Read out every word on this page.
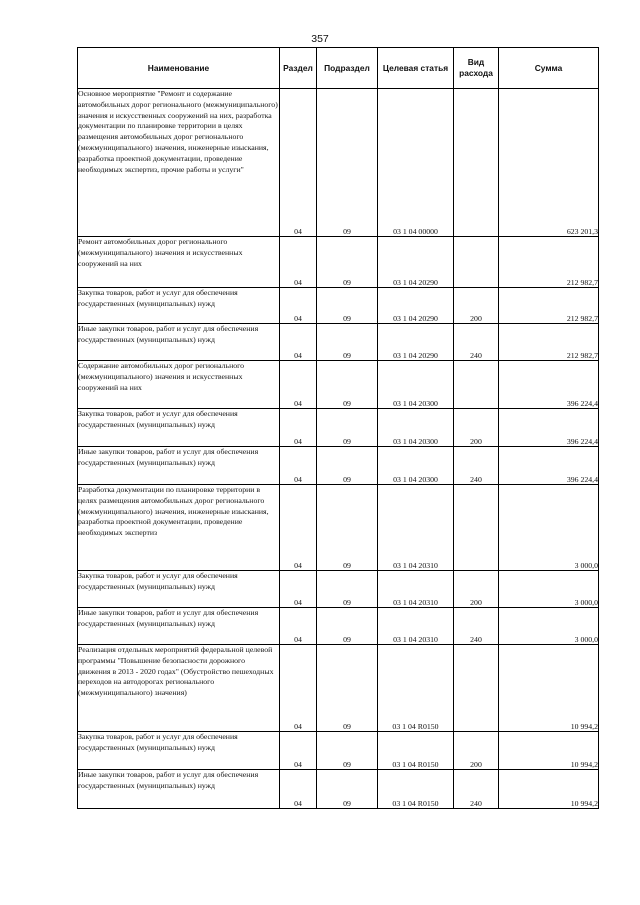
357
Наименование	Раздел	Подраздел	Целевая статья	Вид расхода	Сумма

Основное мероприятие "Ремонт и содержание автомобильных дорог регионального (межмуниципального) значения и искусственных сооружений на них, разработка документации по планировке территории в целях размещения автомобильных дорог регионального (межмуниципального) значения, инженерные изыскания, разработка проектной документации, проведение необходимых экспертиз, прочие работы и услуги"	04	09	03 1 04 00000		623 201,3

Ремонт автомобильных дорог регионального (межмуниципального) значения и искусственных сооружений на них	04	09	03 1 04 20290		212 982,7

Закупка товаров, работ и услуг для обеспечения государственных (муниципальных) нужд	04	09	03 1 04 20290	200	212 982,7

Иные закупки товаров, работ и услуг для обеспечения государственных (муниципальных) нужд	04	09	03 1 04 20290	240	212 982,7

Содержание автомобильных дорог регионального (межмуниципального) значения и искусственных сооружений на них	04	09	03 1 04 20300		396 224,4

Закупка товаров, работ и услуг для обеспечения государственных (муниципальных) нужд	04	09	03 1 04 20300	200	396 224,4

Иные закупки товаров, работ и услуг для обеспечения государственных (муниципальных) нужд	04	09	03 1 04 20300	240	396 224,4

Разработка документации по планировке территории в целях размещения автомобильных дорог регионального (межмуниципального) значения, инженерные изыскания, разработка проектной документации, проведение необходимых экспертиз	04	09	03 1 04 20310		3 000,0

Закупка товаров, работ и услуг для обеспечения государственных (муниципальных) нужд	04	09	03 1 04 20310	200	3 000,0

Иные закупки товаров, работ и услуг для обеспечения государственных (муниципальных) нужд	04	09	03 1 04 20310	240	3 000,0

Реализация отдельных мероприятий федеральной целевой программы "Повышение безопасности дорожного движения в 2013 - 2020 годах" (Обустройство пешеходных переходов на автодорогах регионального (межмуниципального) значения)	04	09	03 1 04 R0150		10 994,2

Закупка товаров, работ и услуг для обеспечения государственных (муниципальных) нужд	04	09	03 1 04 R0150	200	10 994,2

Иные закупки товаров, работ и услуг для обеспечения государственных (муниципальных) нужд	04	09	03 1 04 R0150	240	10 994,2
